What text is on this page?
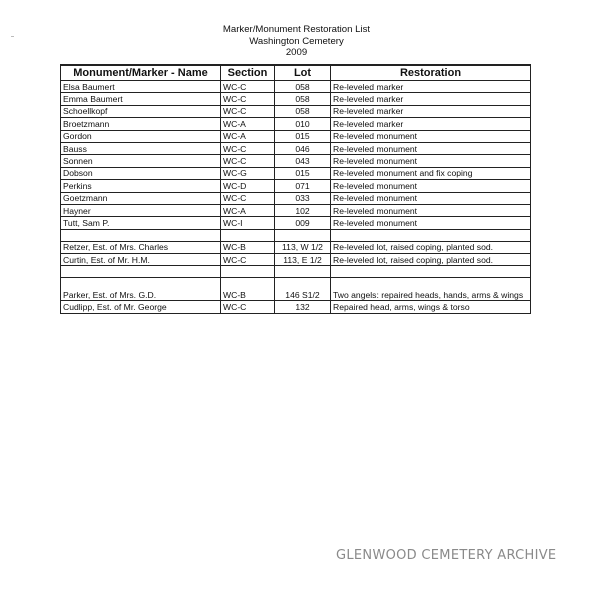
Marker/Monument Restoration List
Washington Cemetery
2009
Monument/Marker - Name	Section	Lot	Restoration
Elsa Baumert	WC-C	058	Re-leveled marker
Emma Baumert	WC-C	058	Re-leveled marker
Schoellkopf	WC-C	058	Re-leveled marker
Broetzmann	WC-A	010	Re-leveled marker
Gordon	WC-A	015	Re-leveled monument
Bauss	WC-C	046	Re-leveled monument
Sonnen	WC-C	043	Re-leveled monument
Dobson	WC-G	015	Re-leveled monument and fix coping
Perkins	WC-D	071	Re-leveled monument
Goetzmann	WC-C	033	Re-leveled monument
Hayner	WC-A	102	Re-leveled monument
Tutt, Sam P.	WC-I	009	Re-leveled monument

Retzer, Est. of Mrs. Charles	WC-B	113, W 1/2	Re-leveled lot, raised coping, planted sod.
Curtin, Est. of Mr. H.M.	WC-C	113, E 1/2	Re-leveled lot, raised coping, planted sod.

Parker, Est. of Mrs. G.D.	WC-B	146 S1/2	Two angels: repaired heads, hands, arms & wings
Cudlipp, Est. of Mr. George	WC-C	132	Repaired head, arms, wings & torso
GLENWOOD CEMETERY ARCHIVE
